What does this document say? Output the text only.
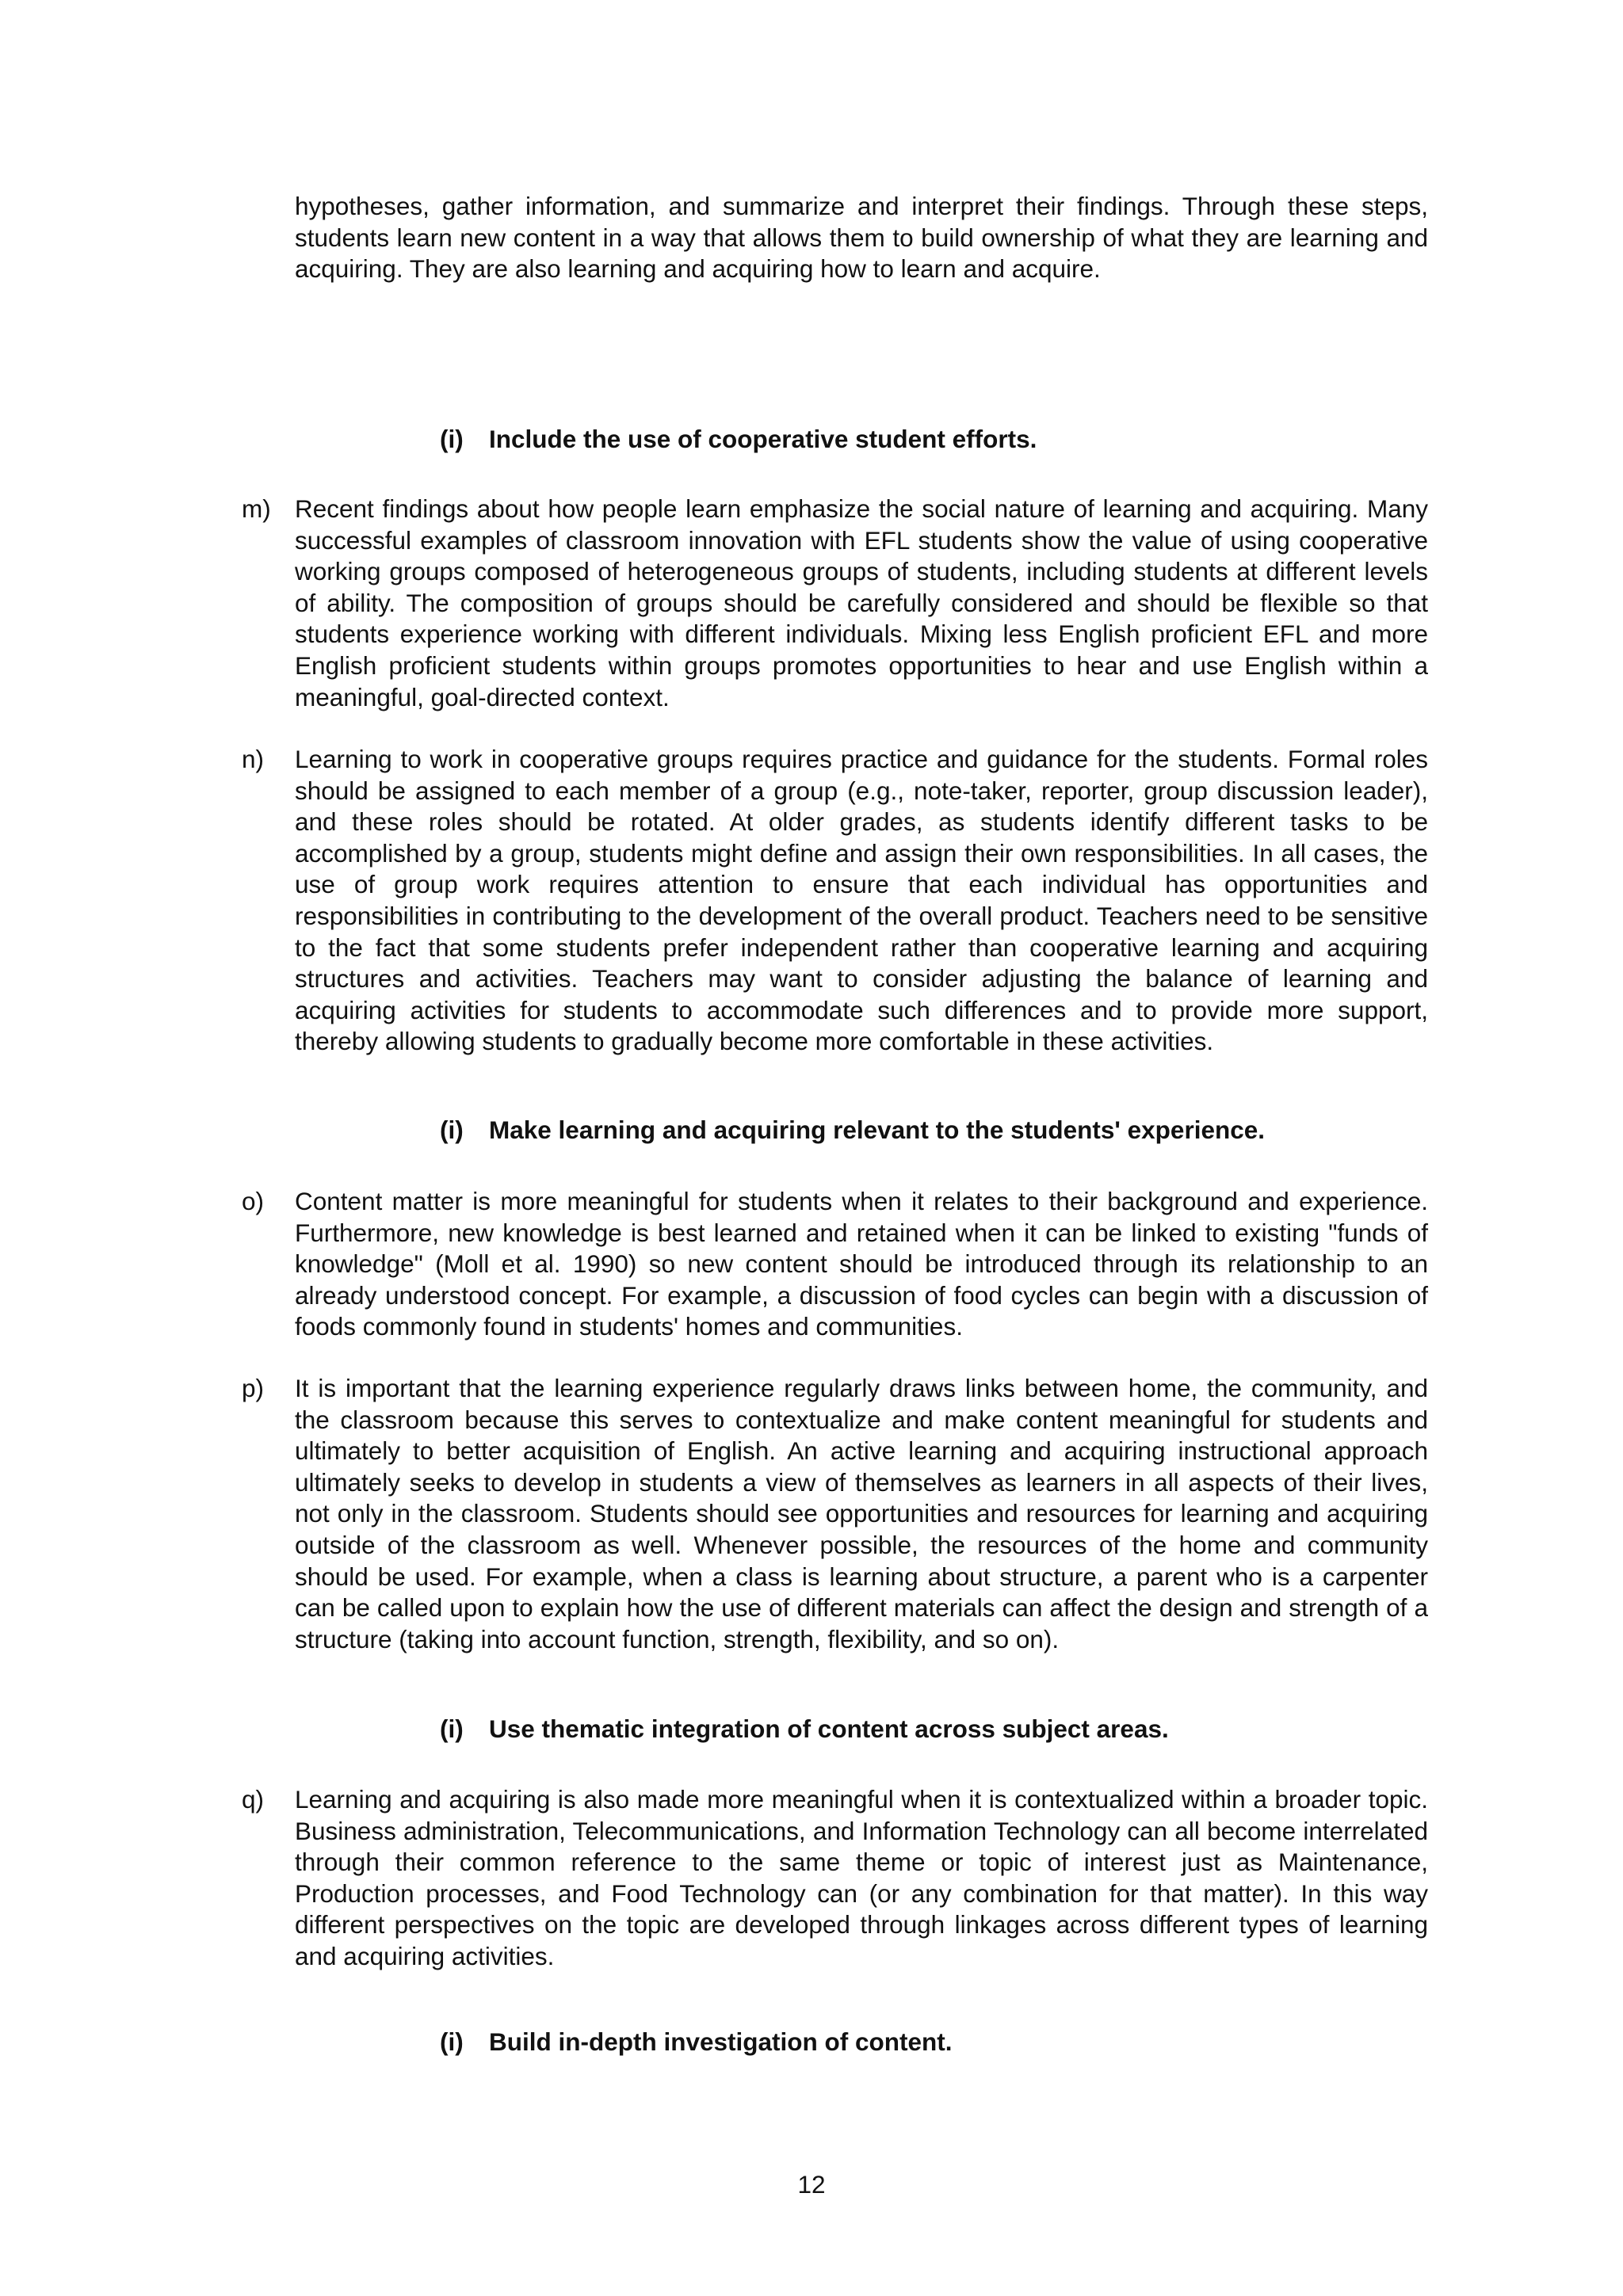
hypotheses, gather information, and summarize and interpret their findings. Through these steps, students learn new content in a way that allows them to build ownership of what they are learning and acquiring. They are also learning and acquiring how to learn and acquire.

(i) Include the use of cooperative student efforts.
m) Recent findings about how people learn emphasize the social nature of learning and acquiring. Many successful examples of classroom innovation with EFL students show the value of using cooperative working groups composed of heterogeneous groups of students, including students at different levels of ability. The composition of groups should be carefully considered and should be flexible so that students experience working with different individuals. Mixing less English proficient EFL and more English proficient students within groups promotes opportunities to hear and use English within a meaningful, goal-directed context.
n) Learning to work in cooperative groups requires practice and guidance for the students. Formal roles should be assigned to each member of a group (e.g., note-taker, reporter, group discussion leader), and these roles should be rotated. At older grades, as students identify different tasks to be accomplished by a group, students might define and assign their own responsibilities. In all cases, the use of group work requires attention to ensure that each individual has opportunities and responsibilities in contributing to the development of the overall product. Teachers need to be sensitive to the fact that some students prefer independent rather than cooperative learning and acquiring structures and activities. Teachers may want to consider adjusting the balance of learning and acquiring activities for students to accommodate such differences and to provide more support, thereby allowing students to gradually become more comfortable in these activities.
(i) Make learning and acquiring relevant to the students' experience.
o) Content matter is more meaningful for students when it relates to their background and experience. Furthermore, new knowledge is best learned and retained when it can be linked to existing "funds of knowledge" (Moll et al. 1990) so new content should be introduced through its relationship to an already understood concept. For example, a discussion of food cycles can begin with a discussion of foods commonly found in students' homes and communities.
p) It is important that the learning experience regularly draws links between home, the community, and the classroom because this serves to contextualize and make content meaningful for students and ultimately to better acquisition of English. An active learning and acquiring instructional approach ultimately seeks to develop in students a view of themselves as learners in all aspects of their lives, not only in the classroom. Students should see opportunities and resources for learning and acquiring outside of the classroom as well. Whenever possible, the resources of the home and community should be used. For example, when a class is learning about structure, a parent who is a carpenter can be called upon to explain how the use of different materials can affect the design and strength of a structure (taking into account function, strength, flexibility, and so on).
(i) Use thematic integration of content across subject areas.
q) Learning and acquiring is also made more meaningful when it is contextualized within a broader topic. Business administration, Telecommunications, and Information Technology can all become interrelated through their common reference to the same theme or topic of interest just as Maintenance, Production processes, and Food Technology can (or any combination for that matter). In this way different perspectives on the topic are developed through linkages across different types of learning and acquiring activities.
(i) Build in-depth investigation of content.
12
